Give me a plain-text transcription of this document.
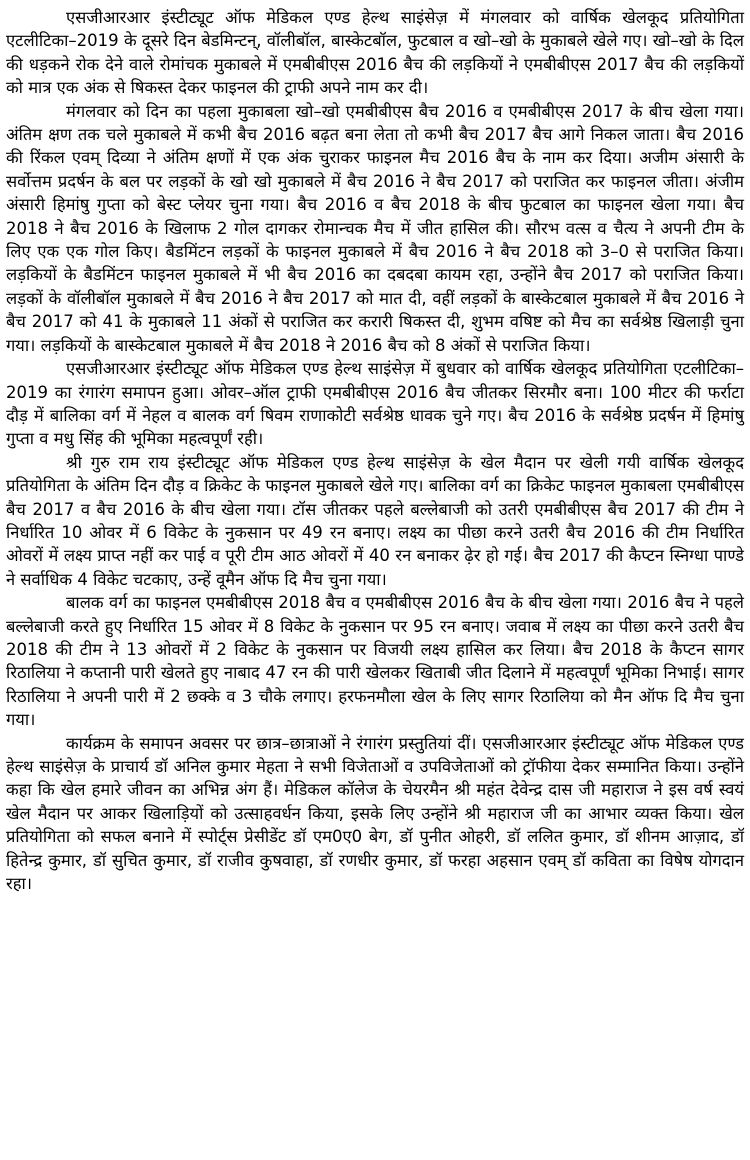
एसजीआरआर इंस्टीट्यूट ऑफ मेडिकल एण्ड हेल्थ साइंसेज़ में मंगलवार को वार्षिक खेलकूद प्रतियोगिता एटलीटिका–2019 के दूसरे दिन बेडमिन्टन्, वॉलीबॉल, बास्केटबॉल, फुटबाल व खो–खो के मुकाबले खेले गए। खो–खो के दिल की धड़कने रोक देने वाले रोमांचक मुकाबले में एमबीबीएस 2016 बैच की लड़कियों ने एमबीबीएस 2017 बैच की लड़कियों को मात्र एक अंक से षिकस्त देकर फाइनल की ट्राफी अपने नाम कर दी।

मंगलवार को दिन का पहला मुकाबला खो–खो एमबीबीएस बैच 2016 व एमबीबीएस 2017 के बीच खेला गया। अंतिम क्षण तक चले मुकाबले में कभी बैच 2016 बढ़त बना लेता तो कभी बैच 2017 बैच आगे निकल जाता। बैच 2016 की रिंकल एवम् दिव्या ने अंतिम क्षणों में एक अंक चुराकर फाइनल मैच 2016 बैच के नाम कर दिया। अजीम अंसारी के सर्वोत्तम प्रदर्षन के बल पर लड़कों के खो खो मुकाबले में बैच 2016 ने बैच 2017 को पराजित कर फाइनल जीता। अंजीम अंसारी हिमांषु गुप्ता को बेस्ट प्लेयर चुना गया। बैच 2016 व बैच 2018 के बीच फुटबाल का फाइनल खेला गया। बैच 2018 ने बैच 2016 के खिलाफ 2 गोल दागकर रोमान्चक मैच में जीत हासिल की। सौरभ वत्स व चैत्य ने अपनी टीम के लिए एक एक गोल किए। बैडमिंटन लड़कों के फाइनल मुकाबले में बैच 2016 ने बैच 2018 को 3–0 से पराजित किया। लड़कियों के बैडमिंटन फाइनल मुकाबले में भी बैच 2016 का दबदबा कायम रहा, उन्होंने बैच 2017 को पराजित किया। लड़कों के वॉलीबॉल मुकाबले में बैच 2016 ने बैच 2017 को मात दी, वहीं लड़कों के बास्केटबाल मुकाबले में बैच 2016 ने बैच 2017 को 41 के मुकाबले 11 अंकों से पराजित कर करारी षिकस्त दी, शुभम वषिष्ट को मैच का सर्वश्रेष्ठ खिलाड़ी चुना गया। लड़कियों के बास्केटबाल मुकाबले में बैच 2018 ने 2016 बैच को 8 अंकों से पराजित किया।

एसजीआरआर इंस्टीट्यूट ऑफ मेडिकल एण्ड हेल्थ साइंसेज़ में बुधवार को वार्षिक खेलकूद प्रतियोगिता एटलीटिका–2019 का रंगारंग समापन हुआ। ओवर–ऑल ट्राफी एमबीबीएस 2016 बैच जीतकर सिरमौर बना। 100 मीटर की फर्राटा दौड़ में बालिका वर्ग में नेहल व बालक वर्ग षिवम राणाकोटी सर्वश्रेष्ठ धावक चुने गए। बैच 2016 के सर्वश्रेष्ठ प्रदर्षन में हिमांषु गुप्ता व मधु सिंह की भूमिका महत्वपूर्णं रही।

श्री गुरु राम राय इंस्टीट्यूट ऑफ मेडिकल एण्ड हेल्थ साइंसेज़ के खेल मैदान पर खेली गयी वार्षिक खेलकूद प्रतियोगिता के अंतिम दिन दौड़ व क्रिकेट के फाइनल मुकाबले खेले गए। बालिका वर्ग का क्रिकेट फाइनल मुकाबला एमबीबीएस बैच 2017 व बैच 2016 के बीच खेला गया। टॉस जीतकर पहले बल्लेबाजी को उतरी एमबीबीएस बैच 2017 की टीम ने निर्धारित 10 ओवर में 6 विकेट के नुकसान पर 49 रन बनाए। लक्ष्य का पीछा करने उतरी बैच 2016 की टीम निर्धारित ओवरों में लक्ष्य प्राप्त नहीं कर पाई व पूरी टीम आठ ओवरों में 40 रन बनाकर ढ़ेर हो गई। बैच 2017 की कैप्टन स्निग्धा पाण्डे ने सर्वाधिक 4 विकेट चटकाए, उन्हें वूमैन ऑफ दि मैच चुना गया।

बालक वर्ग का फाइनल एमबीबीएस 2018 बैच व एमबीबीएस 2016 बैच के बीच खेला गया। 2016 बैच ने पहले बल्लेबाजी करते हुए निर्धारित 15 ओवर में 8 विकेट के नुकसान पर 95 रन बनाए। जवाब में लक्ष्य का पीछा करने उतरी बैच 2018 की टीम ने 13 ओवरों में 2 विकेट के नुकसान पर विजयी लक्ष्य हासिल कर लिया। बैच 2018 के कैप्टन सागर रिठालिया ने कप्तानी पारी खेलते हुए नाबाद 47 रन की पारी खेलकर खिताबी जीत दिलाने में महत्वपूर्णं भूमिका निभाई। सागर रिठालिया ने अपनी पारी में 2 छक्के व 3 चौके लगाए। हरफनमौला खेल के लिए सागर रिठालिया को मैन ऑफ दि मैच चुना गया।

कार्यक्रम के समापन अवसर पर छात्र–छात्राओं ने रंगारंग प्रस्तुतियां दीं। एसजीआरआर इंस्टीट्यूट ऑफ मेडिकल एण्ड हेल्थ साइंसेज़ के प्राचार्य डॉ अनिल कुमार मेहता ने सभी विजेताओं व उपविजेताओं को ट्रॉफीया देकर सम्मानित किया। उन्होंने कहा कि खेल हमारे जीवन का अभिन्न अंग हैं। मेडिकल कॉलेज के चेयरमैन श्री महंत देवेन्द्र दास जी महाराज ने इस वर्ष स्वयं खेल मैदान पर आकर खिलाड़ियों को उत्साहवर्धन किया, इसके लिए उन्होंने श्री महाराज जी का आभार व्यक्त किया। खेल प्रतियोगिता को सफल बनाने में स्पोर्ट्स प्रेसीडेंट डॉ एम0ए0 बेग, डॉ पुनीत ओहरी, डॉ ललित कुमार, डॉ शीनम आज़ाद, डॉ हितेन्द्र कुमार, डॉ सुचित कुमार, डॉ राजीव कुषवाहा, डॉ रणधीर कुमार, डॉ फरहा अहसान एवम् डॉ कविता का विषेष योगदान रहा।
